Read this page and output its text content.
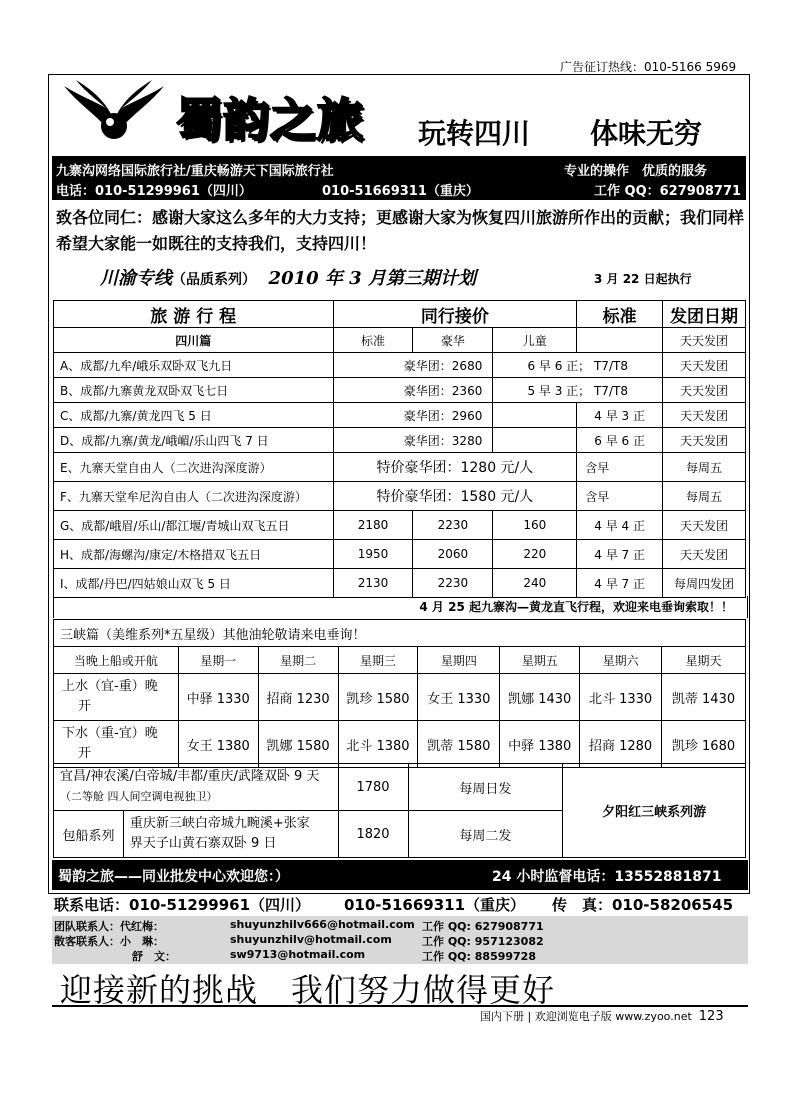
广告征订热线：010-5166 5969
蜀韵之旅 玩转四川 体味无穷
九寨沟网络国际旅行社/重庆畅游天下国际旅行社	专业的操作　优质的服务
电话：010-51299961（四川）	010-51669311（重庆）	工作 QQ：627908771
致各位同仁：感谢大家这么多年的大力支持；更感谢大家为恢复四川旅游所作出的贡献；我们同样希望大家能一如既往的支持我们，支持四川！
川渝专线（品质系列） 2010 年 3 月第三期计划	3 月 22 日起执行
旅 游 行 程	同行接价			标准	发团日期
四川篇	标准	豪华	儿童		天天发团
A、成都/九牟/峨乐双卧双飞九日	豪华团：2680		6 早 6 正； T7/T8		天天发团
B、成都/九寨黄龙双卧双飞七日	豪华团：2360		5 早 3 正； T7/T8		天天发团
C、成都/九寨/黄龙四飞 5 日	豪华团：2960			4 早 3 正	天天发团
D、成都/九寨/黄龙/峨嵋/乐山四飞 7 日	豪华团：3280			6 早 6 正	天天发团
E、九寨天堂自由人（二次进沟深度游）	特价豪华团：1280 元/人			含早	每周五
F、九寨天堂牟尼沟自由人（二次进沟深度游）	特价豪华团：1580 元/人			含早	每周五
G、成都/峨眉/乐山/都江堰/青城山双飞五日	2180	2230	160	4 早 4 正	天天发团
H、成都/海螺沟/康定/木格措双飞五日	1950	2060	220	4 早 7 正	天天发团
I、成都/丹巴/四姑娘山双飞 5 日	2130	2230	240	4 早 7 正	每周四发团
4 月 25 起九寨沟—黄龙直飞行程，欢迎来电垂询索取！！
三峡篇（美维系列*五星级）其他油轮敬请来电垂询！							
当晚上船或开航	星期一	星期二	星期三	星期四	星期五	星期六	星期天

上水（宜-重）晚
开	中驿 1330	招商 1230	凯珍 1580	女王 1330	凯娜 1430	北斗 1330	凯蒂 1430

下水（重-宜）晚
开	女王 1380	凯娜 1580	北斗 1380	凯蒂 1580	中驿 1380	招商 1280	凯珍 1680
宜昌/神农溪/白帝城/丰都/重庆/武隆双卧 9 天
（二等舱 四人间空调电视独卫）		1780	每周日发	夕阳红三峡系列游
包船系列	重庆新三峡白帝城九畹溪+张家
界天子山黄石寨双卧 9 日	1820	每周二发	
蜀韵之旅——同业批发中心欢迎您：）	24 小时监督电话：13552881871
联系电话：010-51299961（四川） 010-51669311（重庆） 传　真：010-58206545
团队联系人：代红梅：	shuyunzhilv666@hotmail.com 工作 QQ: 627908771
散客联系人：小　琳：	shuyunzhilv@hotmail.com	工作 QQ: 957123082
舒　文：	sw9713@hotmail.com	工作 QQ: 88599728
迎接新的挑战　我们努力做得更好
国内下册 | 欢迎浏览电子版 www.zyoo.net 123
